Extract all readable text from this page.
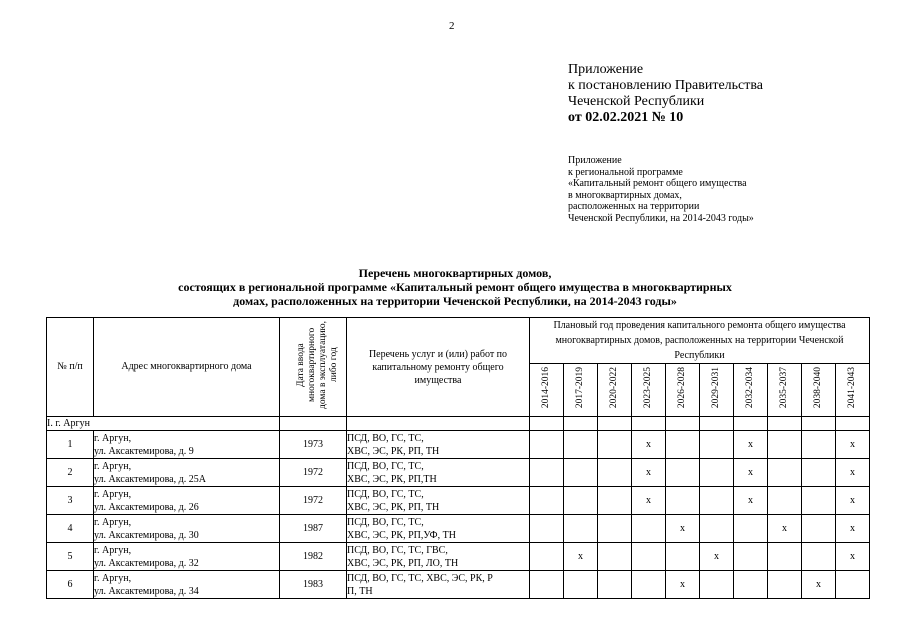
2
Приложение
к постановлению Правительства
Чеченской Республики
от 02.02.2021 № 10
Приложение
к региональной программе
«Капитальный ремонт общего имущества
в многоквартирных домах,
расположенных на территории
Чеченской Республики, на 2014-2043 годы»
Перечень многоквартирных домов,
состоящих в региональной программе «Капитальный ремонт общего имущества в многоквартирных
домах, расположенных на территории Чеченской Республики, на 2014-2043 годы»
№ п/п	Адрес многоквартирного дома	Дата ввода многоквартирного дома в эксплуатацию, либо год	Перечень услуг и (или) работ по капитальному ремонту общего имущества	Плановый год проведения капитального ремонта общего имущества многоквартирных домов, расположенных на территории Чеченской Республики									
				2014-2016	2017-2019	2020-2022	2023-2025	2026-2028	2029-2031	2032-2034	2035-2037	2038-2040	2041-2043
I. г. Аргун													
1	г. Аргун,
ул. Аксактемирова, д. 9	1973	ПСД, ВО, ГС, ТС,
ХВС, ЭС, РК, РП, ТН				x			x			x
2	г. Аргун,
ул. Аксактемирова, д. 25А	1972	ПСД, ВО, ГС, ТС,
ХВС, ЭС, РК, РП,ТН				x			x			x
3	г. Аргун,
ул. Аксактемирова, д. 26	1972	ПСД, ВО, ГС, ТС,
ХВС, ЭС, РК, РП, ТН				x			x			x
4	г. Аргун,
ул. Аксактемирова, д. 30	1987	ПСД, ВО, ГС, ТС,
ХВС, ЭС, РК, РП,УФ, ТН					x			x		x
5	г. Аргун,
ул. Аксактемирова, д. 32	1982	ПСД, ВО, ГС, ТС, ГВС,
ХВС, ЭС, РК, РП, ЛО, ТН		x				x				x
6	г. Аргун,
ул. Аксактемирова, д. 34	1983	ПСД, ВО, ГС, ТС, ХВС, ЭС, РК, Р
П, ТН					x				x	
